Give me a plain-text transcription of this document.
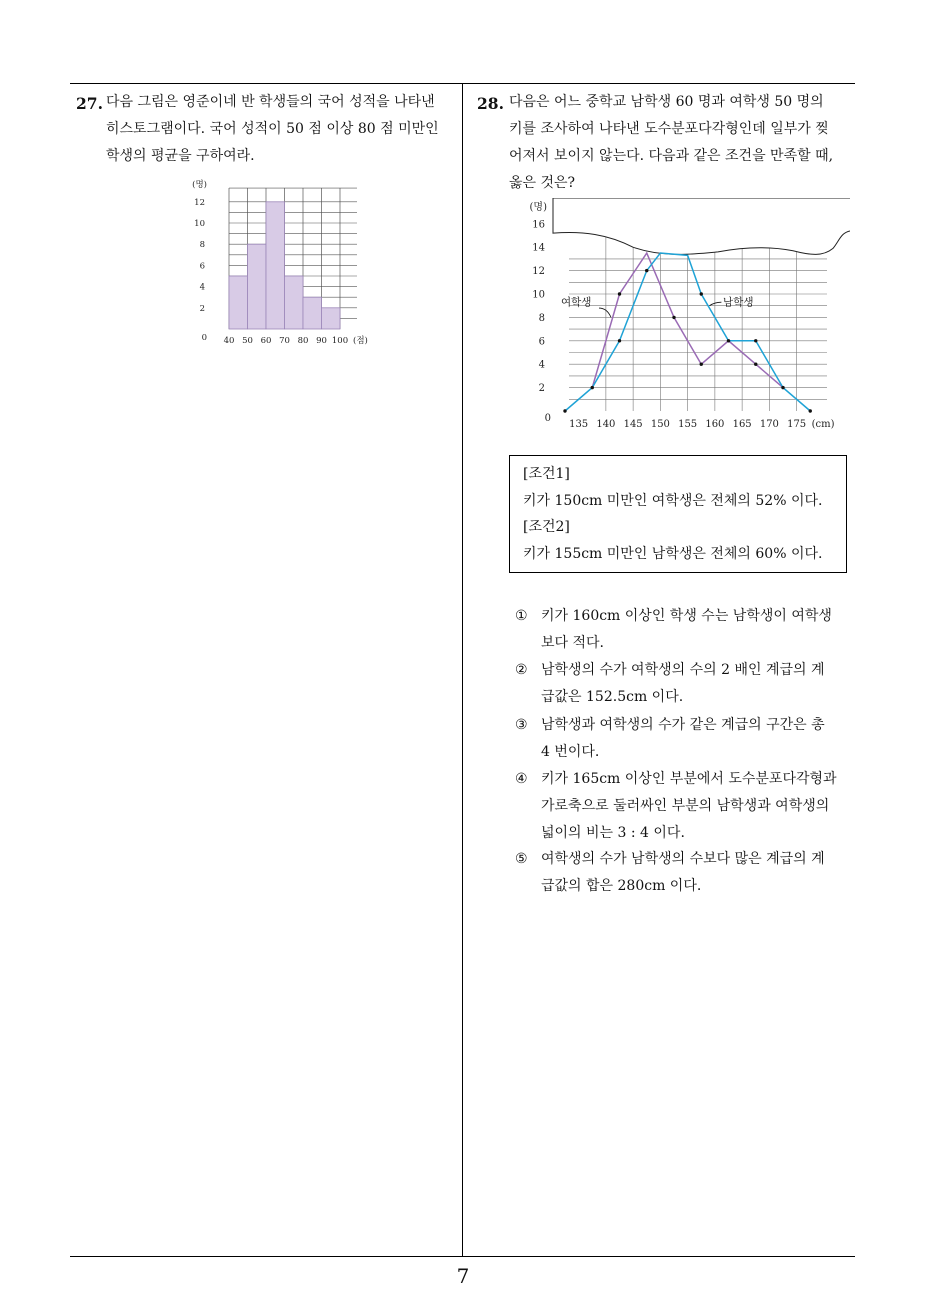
27. 다음 그림은 영준이네 반 학생들의 국어 성적을 나타낸
히스토그램이다. 국어 성적이 50 점 이상 80 점 미만인
학생의 평균을 구하여라.
2
4
6
8
10
12
(명)
0 40 50 60 70 80 90 100 (점)
28. 다음은 어느 중학교 남학생 60 명과 여학생 50 명의
키를 조사하여 나타낸 도수분포다각형인데 일부가 찢
어져서 보이지 않는다. 다음과 같은 조건을 만족할 때,
옳은 것은?
2
4
6
8
10
12
14
16
(명)
0
135 140 145 150 155 160 165 170 175 (cm)
여학생	남학생
[조건1]
키가 150cm 미만인 여학생은 전체의 52% 이다.
[조건2]
키가 155cm 미만인 남학생은 전체의 60% 이다.
① 키가 160cm 이상인 학생 수는 남학생이 여학생
보다 적다.
② 남학생의 수가 여학생의 수의 2 배인 계급의 계
급값은 152.5cm 이다.
③ 남학생과 여학생의 수가 같은 계급의 구간은 총
4 번이다.
④ 키가 165cm 이상인 부분에서 도수분포다각형과
가로축으로 둘러싸인 부분의 남학생과 여학생의
넓이의 비는 3 : 4 이다.
⑤ 여학생의 수가 남학생의 수보다 많은 계급의 계
급값의 합은 280cm 이다.
7
